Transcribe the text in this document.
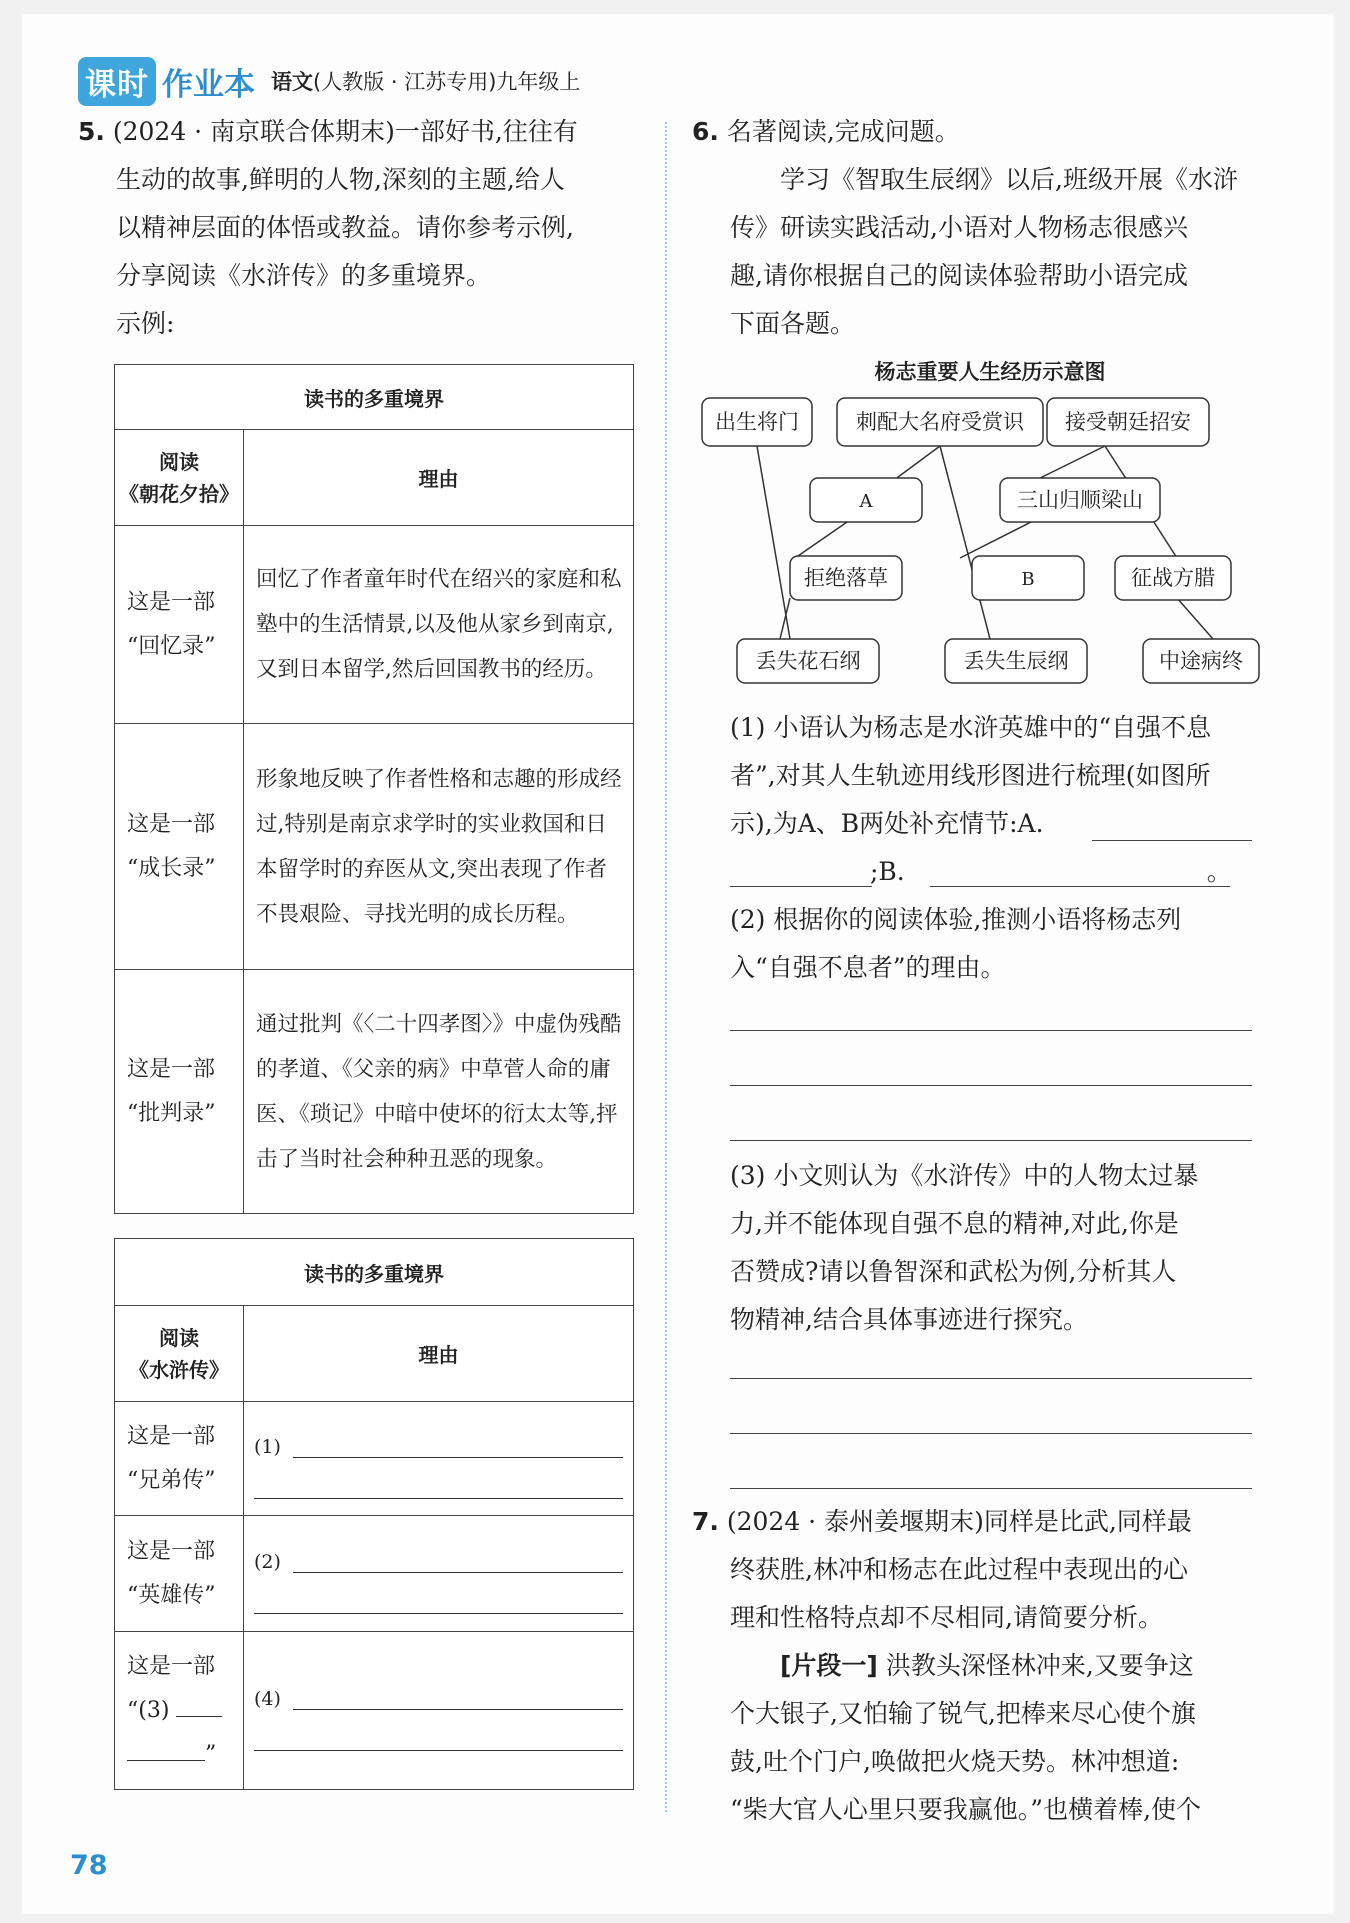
课时 作业本 语文(人教版 · 江苏专用)九年级上

5. (2024 · 南京联合体期末)一部好书,往往有

生动的故事,鲜明的人物,深刻的主题,给人

以精神层面的体悟或教益。请你参考示例,

分享阅读《水浒传》的多重境界。

示例:

读书的多重境界	

阅读
《朝花夕拾》	理由

这是一部
“回忆录”	回忆了作者童年时代在绍兴的家庭和私塾中的生活情景,以及他从家乡到南京,又到日本留学,然后回国教书的经历。

这是一部
“成长录”	形象地反映了作者性格和志趣的形成经过,特别是南京求学时的实业救国和日本留学时的弃医从文,突出表现了作者不畏艰险、寻找光明的成长历程。

这是一部
“批判录”	通过批判《〈二十四孝图〉》中虚伪残酷的孝道、《父亲的病》中草菅人命的庸医、《琐记》中暗中使坏的衍太太等,抨击了当时社会种种丑恶的现象。
读书的多重境界	

阅读
《水浒传》	理由

这是一部
“兄弟传”	(1)

这是一部
“英雄传”	(2)

这是一部
“(3)
”	(4)

6. 名著阅读,完成问题。

学习《智取生辰纲》以后,班级开展《水浒

传》研读实践活动,小语对人物杨志很感兴

趣,请你根据自己的阅读体验帮助小语完成

下面各题。

杨志重要人生经历示意图
出生将门	刺配大名府受赏识 接受朝廷招安
A	三山归顺梁山
拒绝落草	B	征战方腊
丢失花石纲	丢失生辰纲	中途病终

(1) 小语认为杨志是水浒英雄中的“自强不息

者”,对其人生轨迹用线形图进行梳理(如图所

示),为A、B两处补充情节:A.

;B.	。

(2) 根据你的阅读体验,推测小语将杨志列

入“自强不息者”的理由。

(3) 小文则认为《水浒传》中的人物太过暴

力,并不能体现自强不息的精神,对此,你是

否赞成?请以鲁智深和武松为例,分析其人

物精神,结合具体事迹进行探究。

7. (2024 · 泰州姜堰期末)同样是比武,同样最

终获胜,林冲和杨志在此过程中表现出的心

理和性格特点却不尽相同,请简要分析。

[片段一] 洪教头深怪林冲来,又要争这

个大银子,又怕输了锐气,把棒来尽心使个旗

鼓,吐个门户,唤做把火烧天势。林冲想道:

“柴大官人心里只要我赢他。”也横着棒,使个

78
